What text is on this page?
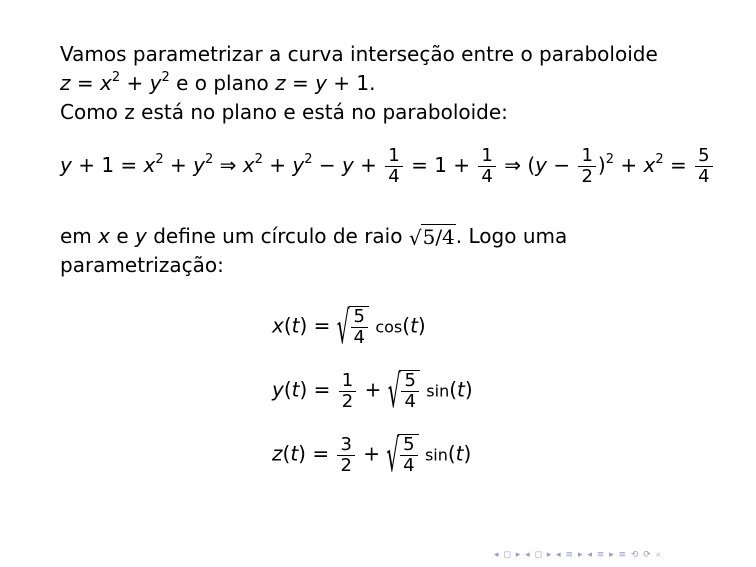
Vamos parametrizar a curva interseção entre o paraboloide
$z = x^2 + y^2$ e o plano z = y + 1.
Como z está no plano e está no paraboloide:
$y + 1 = x^2 + y^2$ ⇒ $x^2 + y^2 - y + \frac{1}{4} = 1 + \frac{1}{4}$ ⇒ $(y - \frac{1}{2} )^2 + x^2 = \frac{5}{4}$
em x e y define um círculo de raio √5/4. Logo uma
parametrização:
x(t) = √ $\frac{5}{4} \cos(t)$
$y(t) = \frac{1}{2}$ + √ $\frac{5}{4} \sin(t)$
$z(t) = \frac{3}{2}$ + √ $\frac{5}{4} \sin(t)$
◂ ◻ ▸ ◂ ◻ ▸ ◂ ≡ ▸ ◂ ≡ ▸ ≡ ⟲ ⟳ ⌕
